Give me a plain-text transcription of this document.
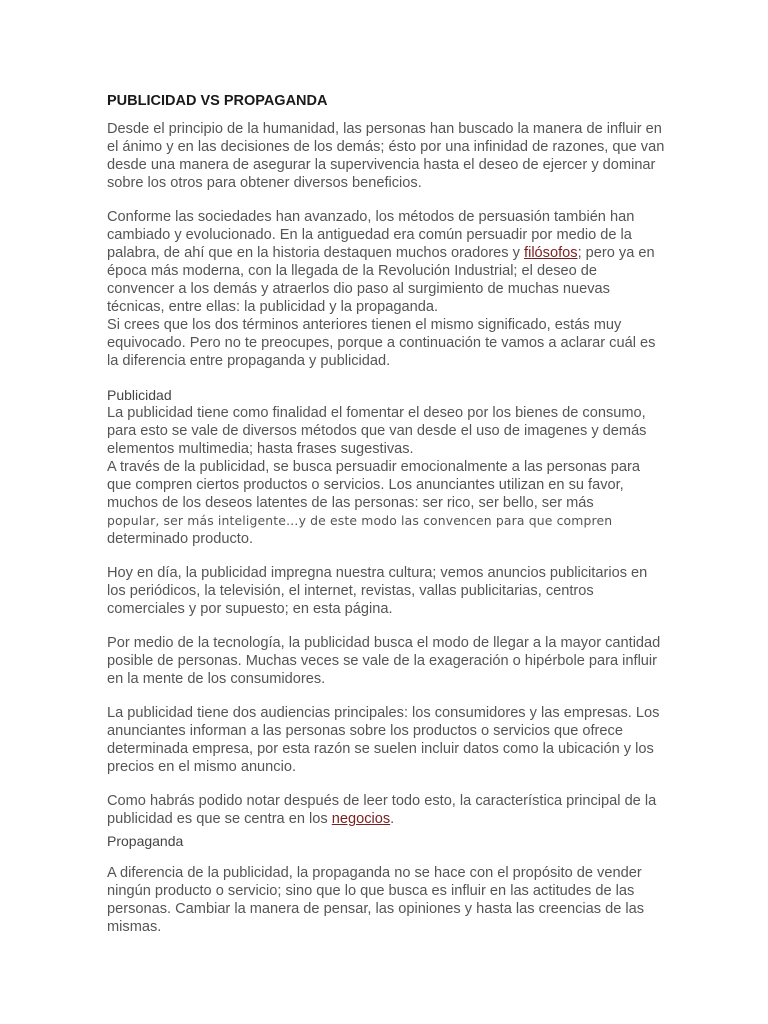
PUBLICIDAD VS PROPAGANDA

Desde el principio de la humanidad, las personas han buscado la manera de influir en el ánimo y en las decisiones de los demás; ésto por una infinidad de razones, que van desde una manera de asegurar la supervivencia hasta el deseo de ejercer y dominar sobre los otros para obtener diversos beneficios.

Conforme las sociedades han avanzado, los métodos de persuasión también han cambiado y evolucionado. En la antiguedad era común persuadir por medio de la palabra, de ahí que en la historia destaquen muchos oradores y filósofos; pero ya en época más moderna, con la llegada de la Revolución Industrial; el deseo de convencer a los demás y atraerlos dio paso al surgimiento de muchas nuevas técnicas, entre ellas: la publicidad y la propaganda.

Si crees que los dos términos anteriores tienen el mismo significado, estás muy equivocado. Pero no te preocupes, porque a continuación te vamos a aclarar cuál es la diferencia entre propaganda y publicidad.

Publicidad

La publicidad tiene como finalidad el fomentar el deseo por los bienes de consumo, para esto se vale de diversos métodos que van desde el uso de imagenes y demás elementos multimedia; hasta frases sugestivas.

A través de la publicidad, se busca persuadir emocionalmente a las personas para que compren ciertos productos o servicios. Los anunciantes utilizan en su favor, muchos de los deseos latentes de las personas: ser rico, ser bello, ser más
popular, ser más inteligente…y de este modo las convencen para que compren
determinado producto.

Hoy en día, la publicidad impregna nuestra cultura; vemos anuncios publicitarios en los periódicos, la televisión, el internet, revistas, vallas publicitarias, centros comerciales y por supuesto; en esta página.

Por medio de la tecnología, la publicidad busca el modo de llegar a la mayor cantidad posible de personas. Muchas veces se vale de la exageración o hipérbole para influir en la mente de los consumidores.

La publicidad tiene dos audiencias principales: los consumidores y las empresas. Los anunciantes informan a las personas sobre los productos o servicios que ofrece determinada empresa, por esta razón se suelen incluir datos como la ubicación y los precios en el mismo anuncio.

Como habrás podido notar después de leer todo esto, la característica principal de la publicidad es que se centra en los negocios.

Propaganda

A diferencia de la publicidad, la propaganda no se hace con el propósito de vender ningún producto o servicio; sino que lo que busca es influir en las actitudes de las personas. Cambiar la manera de pensar, las opiniones y hasta las creencias de las mismas.
